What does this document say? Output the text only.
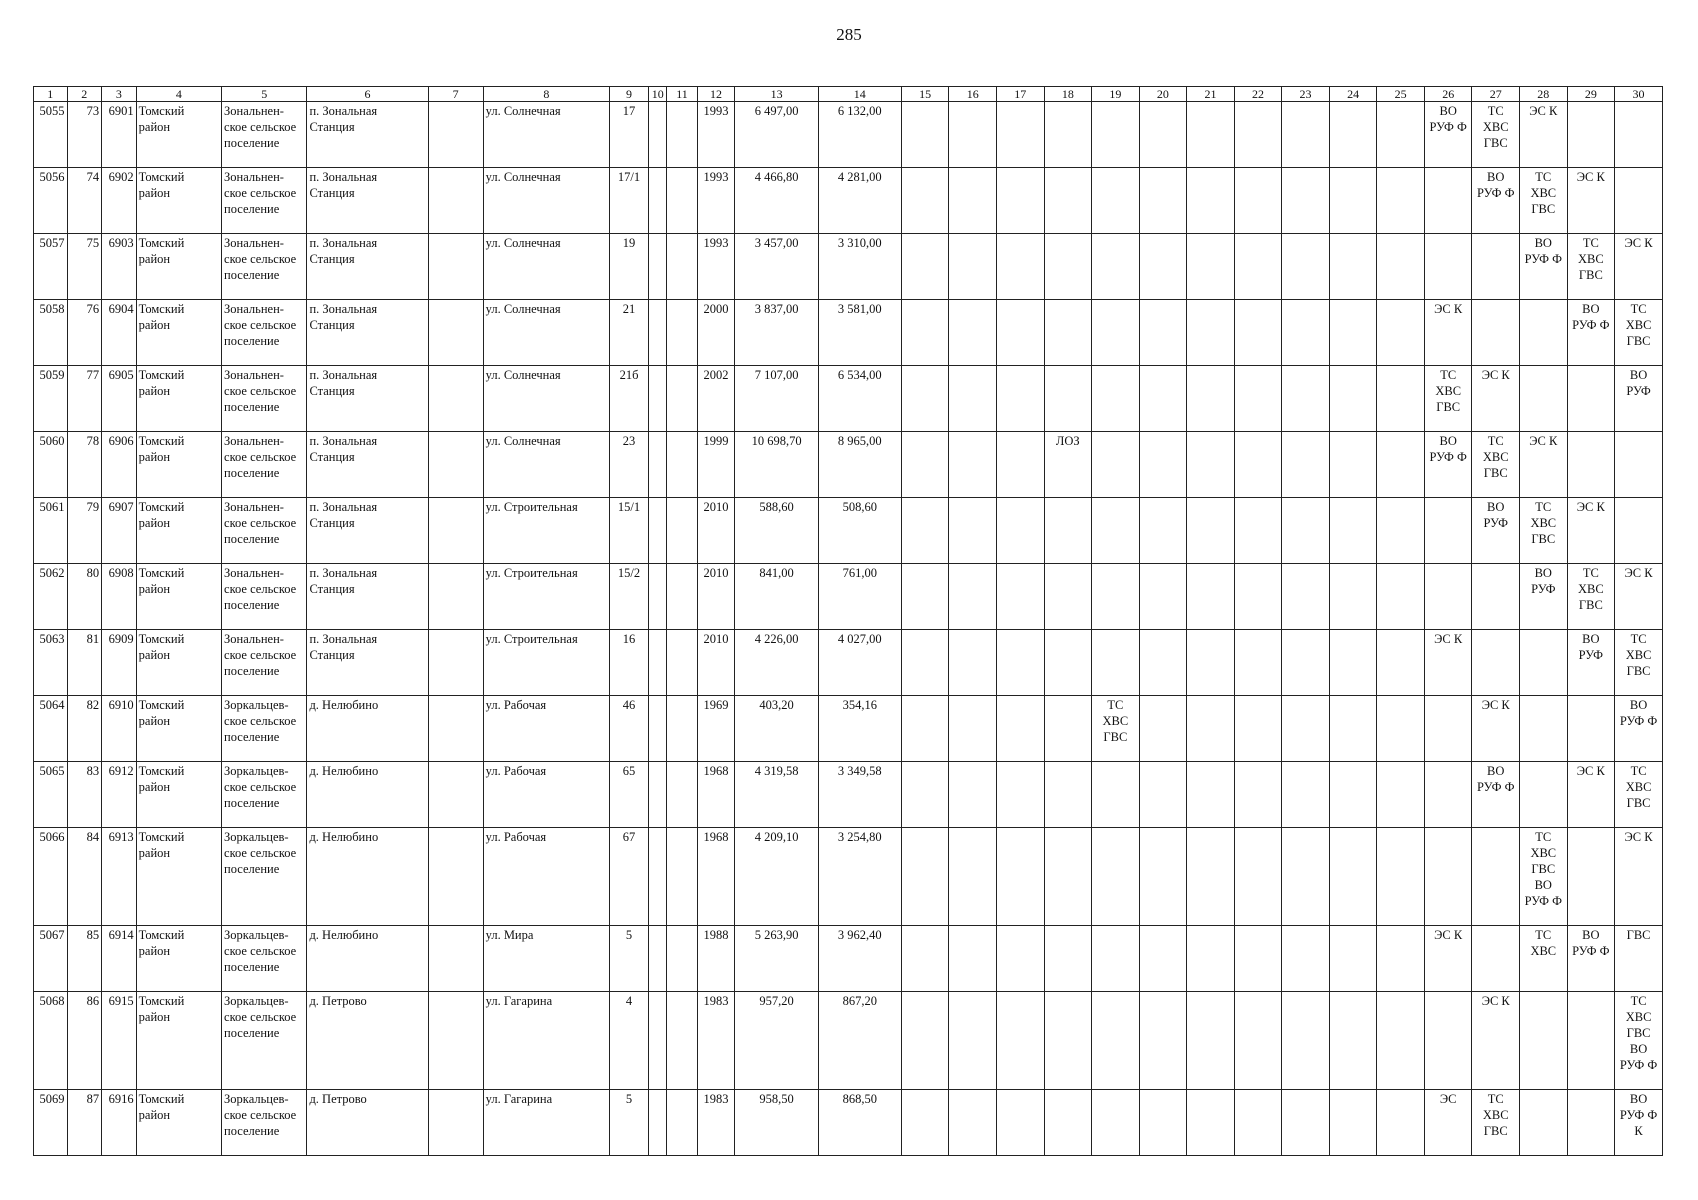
285
1	2	3	4	5	6	7	8	9	10	11	12	13	14	15	16	17	18	19	20	21	22	23	24	25	26	27	28	29	30
5055	73	6901	Томский
район	Зональнен-
ское сельское
поселение	п. Зональная
Станция		ул. Солнечная	17			1993	6 497,00	6 132,00												ВО
РУФ Ф	ТС
ХВС
ГВС	ЭС К		
5056	74	6902	Томский
район	Зональнен-
ское сельское
поселение	п. Зональная
Станция		ул. Солнечная	17/1			1993	4 466,80	4 281,00													ВО
РУФ Ф	ТС
ХВС
ГВС	ЭС К	
5057	75	6903	Томский
район	Зональнен-
ское сельское
поселение	п. Зональная
Станция		ул. Солнечная	19			1993	3 457,00	3 310,00														ВО
РУФ Ф	ТС
ХВС
ГВС	ЭС К
5058	76	6904	Томский
район	Зональнен-
ское сельское
поселение	п. Зональная
Станция		ул. Солнечная	21			2000	3 837,00	3 581,00												ЭС К			ВО
РУФ Ф	ТС
ХВС
ГВС
5059	77	6905	Томский
район	Зональнен-
ское сельское
поселение	п. Зональная
Станция		ул. Солнечная	21б			2002	7 107,00	6 534,00												ТС
ХВС
ГВС	ЭС К			ВО
РУФ
5060	78	6906	Томский
район	Зональнен-
ское сельское
поселение	п. Зональная
Станция		ул. Солнечная	23			1999	10 698,70	8 965,00				ЛОЗ								ВО
РУФ Ф	ТС
ХВС
ГВС	ЭС К		
5061	79	6907	Томский
район	Зональнен-
ское сельское
поселение	п. Зональная
Станция		ул. Строительная	15/1			2010	588,60	508,60													ВО
РУФ	ТС
ХВС
ГВС	ЭС К	
5062	80	6908	Томский
район	Зональнен-
ское сельское
поселение	п. Зональная
Станция		ул. Строительная	15/2			2010	841,00	761,00														ВО
РУФ	ТС
ХВС
ГВС	ЭС К
5063	81	6909	Томский
район	Зональнен-
ское сельское
поселение	п. Зональная
Станция		ул. Строительная	16			2010	4 226,00	4 027,00												ЭС К			ВО
РУФ	ТС
ХВС
ГВС
5064	82	6910	Томский
район	Зоркальцев-
ское сельское
поселение	д. Нелюбино		ул. Рабочая	46			1969	403,20	354,16					ТС
ХВС
ГВС								ЭС К			ВО
РУФ Ф
5065	83	6912	Томский
район	Зоркальцев-
ское сельское
поселение	д. Нелюбино		ул. Рабочая	65			1968	4 319,58	3 349,58													ВО
РУФ Ф		ЭС К	ТС
ХВС
ГВС
5066	84	6913	Томский
район	Зоркальцев-
ское сельское
поселение	д. Нелюбино		ул. Рабочая	67			1968	4 209,10	3 254,80														ТС
ХВС
ГВС
ВО
РУФ Ф		ЭС К
5067	85	6914	Томский
район	Зоркальцев-
ское сельское
поселение	д. Нелюбино		ул. Мира	5			1988	5 263,90	3 962,40												ЭС К		ТС
ХВС	ВО
РУФ Ф	ГВС
5068	86	6915	Томский
район	Зоркальцев-
ское сельское
поселение	д. Петрово		ул. Гагарина	4			1983	957,20	867,20													ЭС К			ТС
ХВС
ГВС
ВО
РУФ Ф
5069	87	6916	Томский
район	Зоркальцев-
ское сельское
поселение	д. Петрово		ул. Гагарина	5			1983	958,50	868,50												ЭС	ТС
ХВС
ГВС			ВО
РУФ Ф
К
